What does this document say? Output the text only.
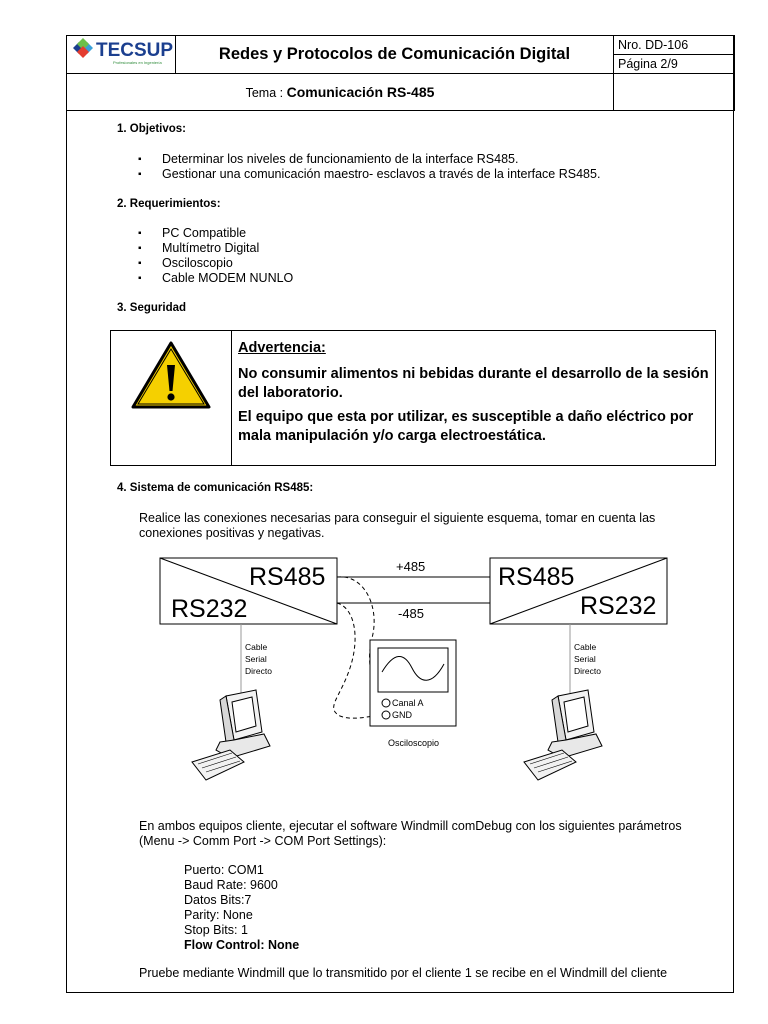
TECSUP
Profesionales en Ingeniería	Redes y Protocolos de Comunicación Digital	Nro. DD-106
		Página 2/9
Tema : Comunicación RS-485		
1. Objetivos:
▪ Determinar los niveles de funcionamiento de la interface RS485.
▪ Gestionar una comunicación maestro- esclavos a través de la interface RS485.
2. Requerimientos:
▪ PC Compatible
▪ Multímetro Digital
▪ Osciloscopio
▪ Cable MODEM NUNLO
3. Seguridad
Advertencia:
No consumir alimentos ni bebidas durante el desarrollo de la sesión del laboratorio.
El equipo que esta por utilizar, es susceptible a daño eléctrico por mala manipulación y/o carga electroestática.
4. Sistema de comunicación RS485:
Realice las conexiones necesarias para conseguir el siguiente esquema, tomar en cuenta las conexiones positivas y negativas.
RS485
RS232
RS485
RS232
+485
-485
Canal A
GND
Osciloscopio
Cable
Serial
Directo
Cable
Serial
Directo
En ambos equipos cliente, ejecutar el software Windmill comDebug con los siguientes parámetros (Menu -> Comm Port -> COM Port Settings):
Puerto: COM1
Baud Rate: 9600
Datos Bits:7
Parity: None
Stop Bits: 1
Flow Control: None
Pruebe mediante Windmill que lo transmitido por el cliente 1 se recibe en el Windmill del cliente
